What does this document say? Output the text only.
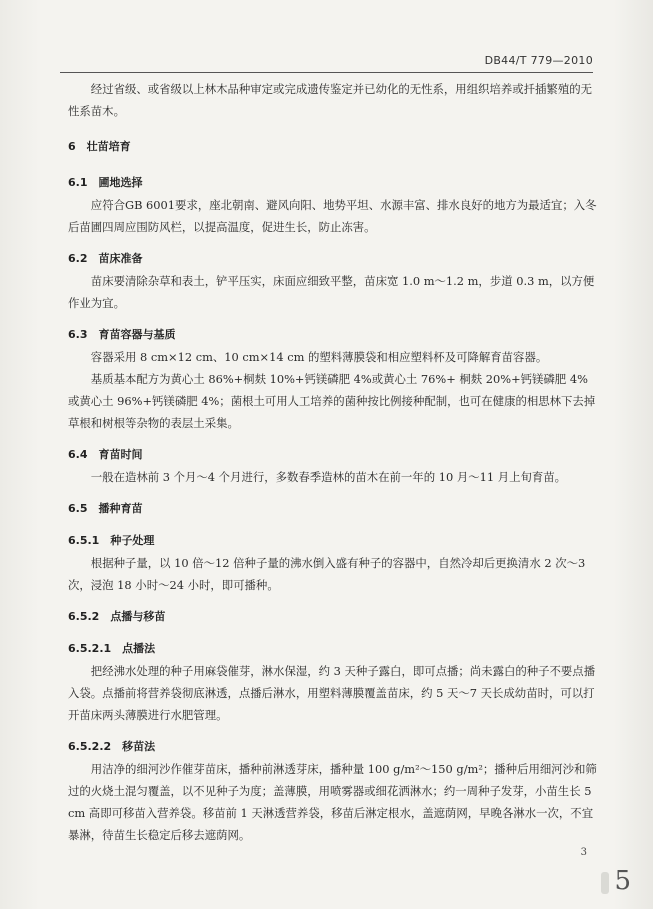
DB44/T 779—2010

经过省级、或省级以上林木品种审定或完成遗传鉴定并已幼化的无性系，用组织培养或扦插繁殖的无性系苗木。

6　壮苗培育

6.1　圃地选择

应符合GB 6001要求，座北朝南、避风向阳、地势平坦、水源丰富、排水良好的地方为最适宜；入冬后苗圃四周应围防风栏，以提高温度，促进生长，防止冻害。

6.2　苗床准备

苗床要清除杂草和表土，铲平压实，床面应细致平整，苗床宽 1.0 m～1.2 m，步道 0.3 m，以方便作业为宜。

6.3　育苗容器与基质

容器采用 8 cm×12 cm、10 cm×14 cm 的塑料薄膜袋和相应塑料杯及可降解育苗容器。

基质基本配方为黄心土 86%+桐麸 10%+钙镁磷肥 4%或黄心土 76%+ 桐麸 20%+钙镁磷肥 4%或黄心土 96%+钙镁磷肥 4%；菌根土可用人工培养的菌种按比例接种配制，也可在健康的相思林下去掉草根和树根等杂物的表层土采集。

6.4　育苗时间

一般在造林前 3 个月～4 个月进行，多数春季造林的苗木在前一年的 10 月～11 月上旬育苗。

6.5　播种育苗

6.5.1　种子处理

根据种子量，以 10 倍～12 倍种子量的沸水倒入盛有种子的容器中，自然冷却后更换清水 2 次～3 次，浸泡 18 小时～24 小时，即可播种。

6.5.2　点播与移苗

6.5.2.1　点播法

把经沸水处理的种子用麻袋催芽，淋水保湿，约 3 天种子露白，即可点播；尚未露白的种子不要点播入袋。点播前将营养袋彻底淋透，点播后淋水，用塑料薄膜覆盖苗床，约 5 天～7 天长成幼苗时，可以打开苗床两头薄膜进行水肥管理。

6.5.2.2　移苗法

用洁净的细河沙作催芽苗床，播种前淋透芽床，播种量 100 g/m²～150 g/m²；播种后用细河沙和筛过的火烧土混匀覆盖，以不见种子为度；盖薄膜，用喷雾器或细花洒淋水；约一周种子发芽，小苗生长 5 cm 高即可移苗入营养袋。移苗前 1 天淋透营养袋，移苗后淋定根水，盖遮荫网，早晚各淋水一次，不宜暴淋，待苗生长稳定后移去遮荫网。

3
5
